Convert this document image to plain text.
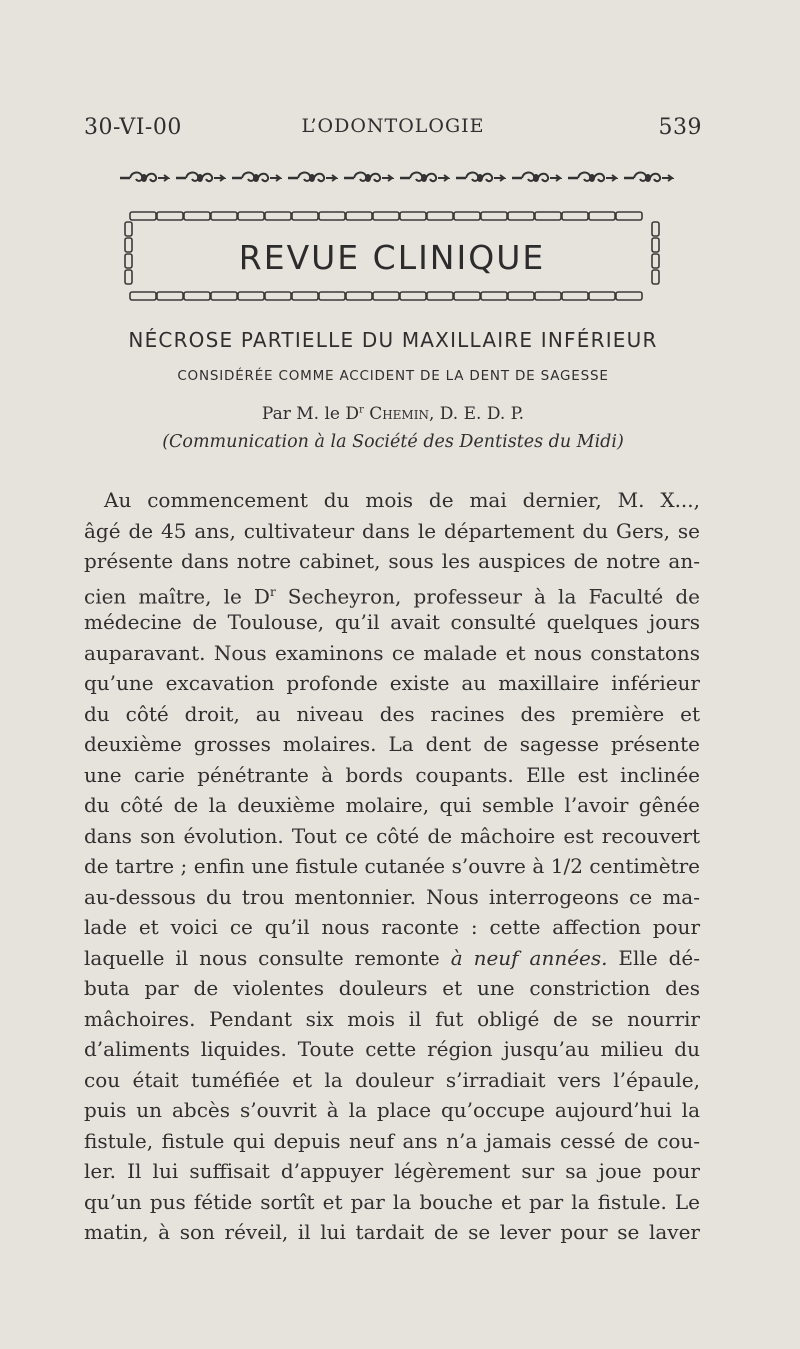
30-VI-00	L’ODONTOLOGIE	539
REVUE CLINIQUE
NÉCROSE PARTIELLE DU MAXILLAIRE INFÉRIEUR
CONSIDÉRÉE COMME ACCIDENT DE LA DENT DE SAGESSE
Par M. le $D^r$ Chemin, D. E. D. P.
(Communication à la Société des Dentistes du Midi)
Au commencement du mois de mai dernier, M. X...,
âgé de 45 ans, cultivateur dans le département du Gers, se
présente dans notre cabinet, sous les auspices de notre an-
cien maître, le $D^r$ Secheyron, professeur à la Faculté de
médecine de Toulouse, qu’il avait consulté quelques jours
auparavant. Nous examinons ce malade et nous constatons
qu’une excavation profonde existe au maxillaire inférieur
du côté droit, au niveau des racines des première et
deuxième grosses molaires. La dent de sagesse présente
une carie pénétrante à bords coupants. Elle est inclinée
du côté de la deuxième molaire, qui semble l’avoir gênée
dans son évolution. Tout ce côté de mâchoire est recouvert
de tartre ; enfin une fistule cutanée s’ouvre à 1/2 centimètre
au-dessous du trou mentonnier. Nous interrogeons ce ma-
lade et voici ce qu’il nous raconte : cette affection pour
laquelle il nous consulte remonte à neuf années. Elle dé-
buta par de violentes douleurs et une constriction des
mâchoires. Pendant six mois il fut obligé de se nourrir
d’aliments liquides. Toute cette région jusqu’au milieu du
cou était tuméfiée et la douleur s’irradiait vers l’épaule,
puis un abcès s’ouvrit à la place qu’occupe aujourd’hui la
fistule, fistule qui depuis neuf ans n’a jamais cessé de cou-
ler. Il lui suffisait d’appuyer légèrement sur sa joue pour
qu’un pus fétide sortît et par la bouche et par la fistule. Le
matin, à son réveil, il lui tardait de se lever pour se laver
